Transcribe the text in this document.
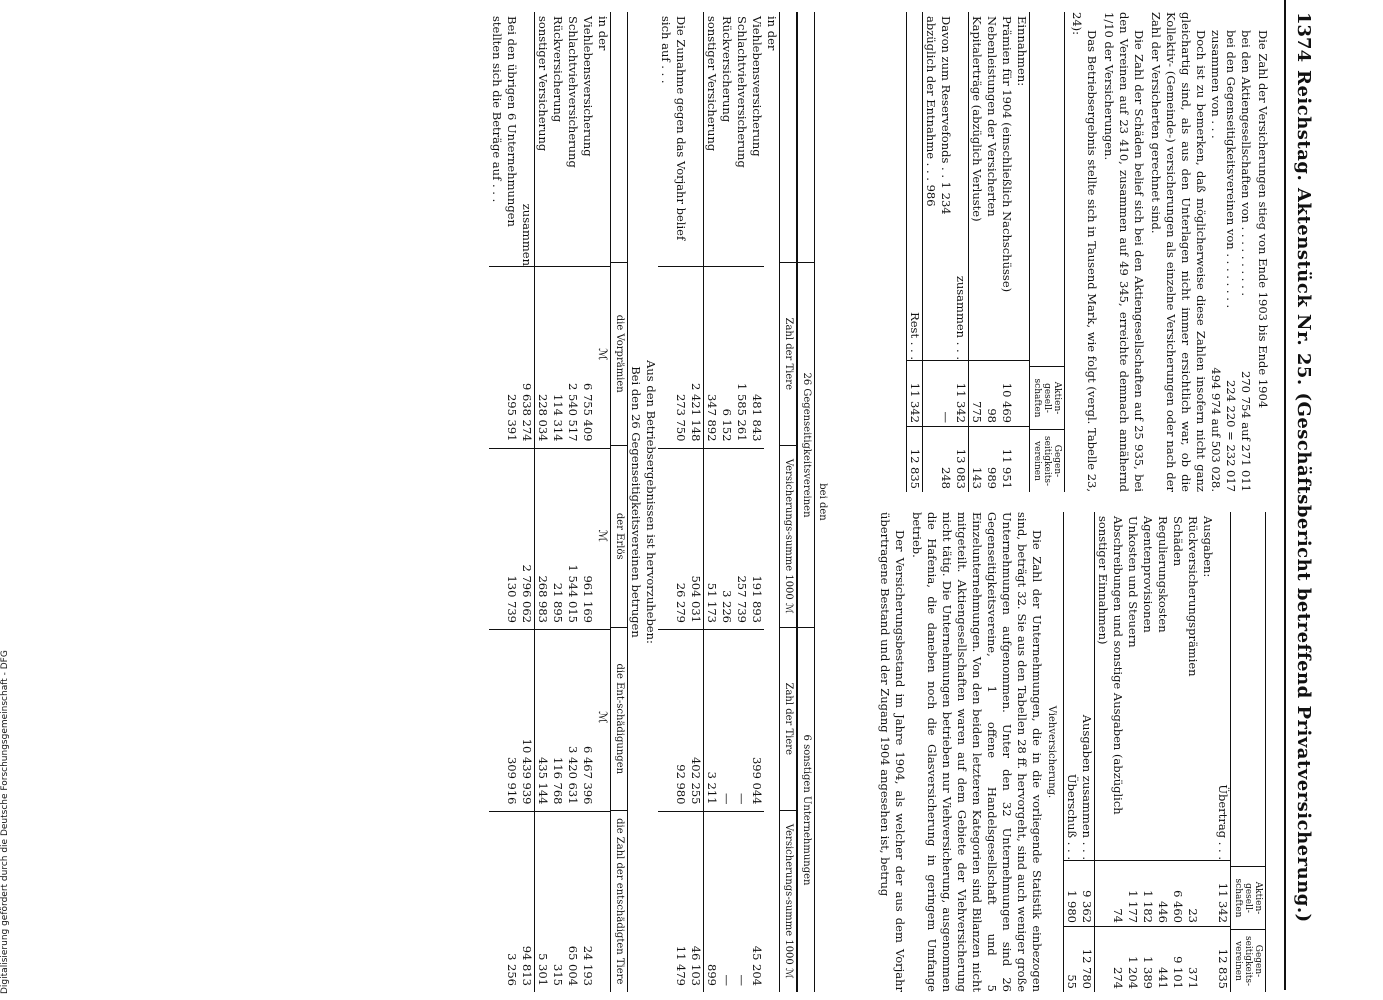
1374
Reichstag. Aktenstück Nr. 25. (Geschäftsbericht betreffend Privatversicherung.)

Die Zahl der Versicherungen stieg von Ende 1903 bis Ende 1904

bei den Aktiengesellschaften von . . . . . . . . . .
270 754 auf 271 011
bei den Gegenseitigkeitsvereinen von . . . . . . . .
224 220 = 232 017
zusammen von . . .
494 974 auf 503 028.

Doch ist zu bemerken, daß möglicherweise diese Zahlen insofern nicht ganz gleichartig sind, als aus den Unterlagen nicht immer ersichtlich war, ob die Kollektiv- (Gemeinde-) versicherungen als einzelne Versicherungen oder nach der Zahl der Versicherten gerechnet sind.

Die Zahl der Schäden belief sich bei den Aktiengesellschaften auf 25 935, bei den Vereinen auf 23 410, zusammen auf 49 345, erreichte demnach annähernd 1/10 der Versicherungen.

Das Betriebsergebnis stellte sich in Tausend Mark, wie folgt (vergl. Tabelle 23, 24):

Aktien-gesell-schaften
Gegen-seitigkeits-vereinen
Einnahmen:
Prämien für 1904 (einschließlich Nachschüsse)
10 469
11 951
Nebenleistungen der Versicherten
98
989
Kapitalerträge (abzüglich Verluste)
775
143
zusammen . . .
11 342
13 083
Davon zum Reservefonds . . 1 234
—
248
abzüglich der Entnahme . . . 986
Rest . . .
11 342
12 835
Aktien-gesell-schaften
Gegen-seitigkeits-vereinen
Übertrag . . .
11 342
12 835
Ausgaben:
Rückversicherungsprämien
23
371
Schäden
6 460
9 101
Regulierungskosten
446
441
Agentenprovisionen
1 182
1 389
Unkosten und Steuern
1 177
1 204
Abschreibungen und sonstige Ausgaben (abzüglich sonstiger Einnahmen)
74
274
Ausgaben zusammen . . .
9 362
12 780
Überschuß . . .
1 980
55
Viehversicherung.

Die Zahl der Unternehmungen, die in die vorliegende Statistik einbezogen sind, beträgt 32. Sie aus den Tabellen 28 ff. hervorgeht, sind auch weniger große Unternehmungen aufgenommen. Unter den 32 Unternehmungen sind 26 Gegenseitigkeitsvereine, 1 offene Handelsgesellschaft und 5 Einzelunternehmungen. Von den beiden letzteren Kategorien sind Bilanzen nicht mitgeteilt. Aktiengesellschaften waren auf dem Gebiete der Viehversicherung nicht tätig. Die Unternehmungen betrieben nur Viehversicherung, ausgenommen die Hafenia, die daneben noch die Glasversicherung in geringem Umfange betrieb.

Der Versicherungsbestand im Jahre 1904, als welcher der aus dem Vorjahr übertragene Bestand und der Zugang 1904 angesehen ist, betrug

bei den
26 Gegenseitigkeitsvereinen
6 sonstigen Unternehmungen
Zahl der Tiere
Versicherungs-summe 1000 ℳ
Zahl der Tiere
Versicherungs-summe 1000 ℳ
in der
Viehlebensversicherung
481 843
191 893
399 044
45 204
Schlachtviehversicherung
1 585 261
257 739
—
—
Rückversicherung
6 152
3 226
—
—
sonstiger Versicherung
347 892
51 173
3 211
899
2 421 148
504 031
402 255
46 103
Die Zunahme gegen das Vorjahr belief sich auf . . .
273 750
26 279
92 980
11 479
Aus den Betriebsergebnissen ist hervorzuheben:
Bei den 26 Gegenseitigkeitsvereinen betrugen
die Vorprämien
der Erlös
die Ent-schädigungen
die Zahl der entschädigten Tiere
in der
ℳ
ℳ
ℳ
Viehlebensversicherung
6 755 409
961 169
6 467 396
24 193
Schlachtviehversicherung
2 540 517
1 544 015
3 420 631
65 004
Rückversicherung
114 314
21 895
116 768
315
sonstiger Versicherung
228 034
268 983
435 144
5 301
zusammen
9 638 274
2 796 062
10 439 939
94 813
Bei den übrigen 6 Unternehmungen stellten sich die Beträge auf . . .
295 391
130 739
309 916
3 256
Digitalisierung gefördert durch die Deutsche Forschungsgemeinschaft - DFG
